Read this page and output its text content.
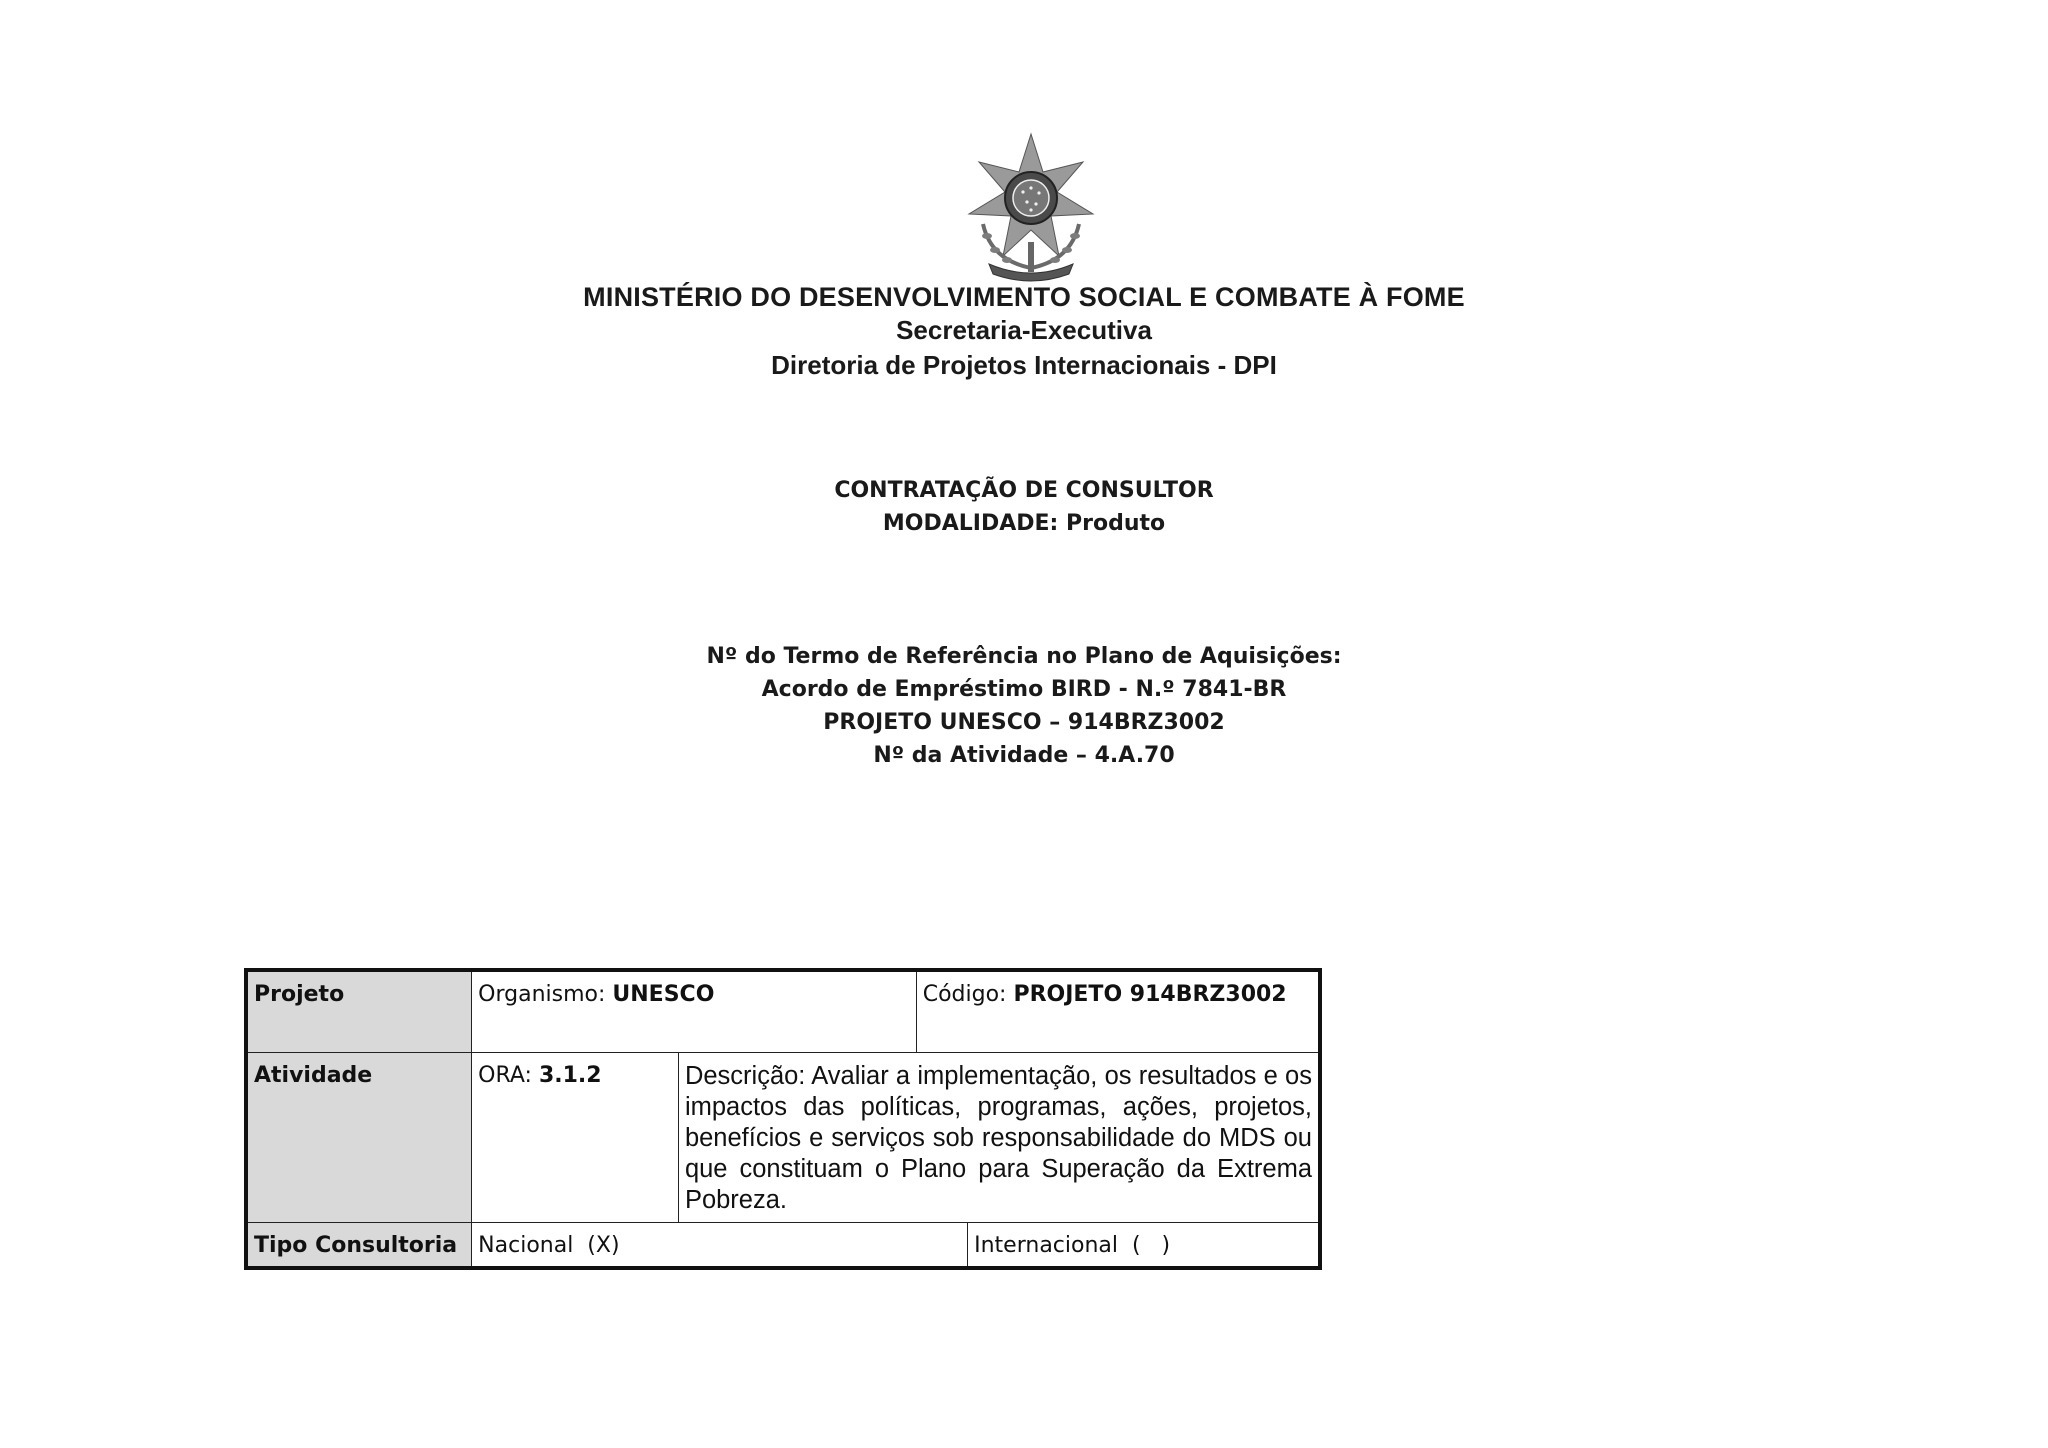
MINISTÉRIO DO DESENVOLVIMENTO SOCIAL E COMBATE À FOME
Secretaria-Executiva
Diretoria de Projetos Internacionais - DPI
CONTRATAÇÃO DE CONSULTOR
MODALIDADE: Produto
Nº do Termo de Referência no Plano de Aquisições:
Acordo de Empréstimo BIRD - N.º 7841-BR
PROJETO UNESCO – 914BRZ3002
Nº da Atividade – 4.A.70
Projeto	Organismo: UNESCO		Código: PROJETO 914BRZ3002	
Atividade	ORA: 3.1.2	Descrição: Avaliar a implementação, os resultados e os impactos das políticas, programas, ações, projetos, benefícios e serviços sob responsabilidade do MDS ou que constituam o Plano para Superação da Extrema Pobreza.		
Tipo Consultoria	Nacional  (X)			Internacional  (   )
